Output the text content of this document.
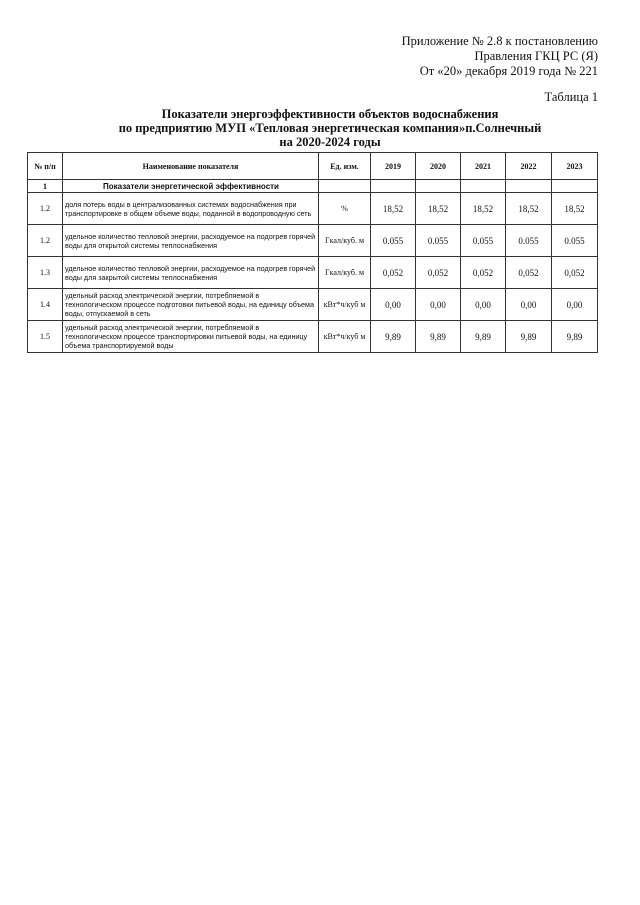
Приложение № 2.8 к постановлению
Правления ГКЦ РС (Я)
От «20» декабря 2019 года № 221
Таблица 1
Показатели энергоэффективности объектов водоснабжения
по предприятию МУП «Тепловая энергетическая компания»п.Солнечный
на 2020-2024 годы
№ п/п	Наименование показателя	Ед. изм.	2019	2020	2021	2022	2023
1	Показатели энергетической эффективности						
1.2	доля потерь воды в централизованных системах водоснабжения при транспортировке в общем объеме воды, поданной в водопроводную сеть	%	18,52	18,52	18,52	18,52	18,52
1.2	удельное количество тепловой энергии, расходуемое на подогрев горячей воды для открытой системы теплоснабжения	Гкал/куб. м	0.055	0.055	0.055	0.055	0.055
1.3	удельное количество тепловой энергии, расходуемое на подогрев горячей воды для закрытой системы теплоснабжения	Гкал/куб. м	0,052	0,052	0,052	0,052	0,052
1.4	удельный расход электрической энергии, потребляемой в технологическом процессе подготовки питьевой воды, на единицу объема воды, отпускаемой в сеть	кВт*ч/куб м	0,00	0,00	0,00	0,00	0,00
1.5	удельный расход электрической энергии, потребляемой в технологическом процессе транспортировки питьевой воды, на единицу объема транспортируемой воды	кВт*ч/куб м	9,89	9,89	9,89	9,89	9,89
